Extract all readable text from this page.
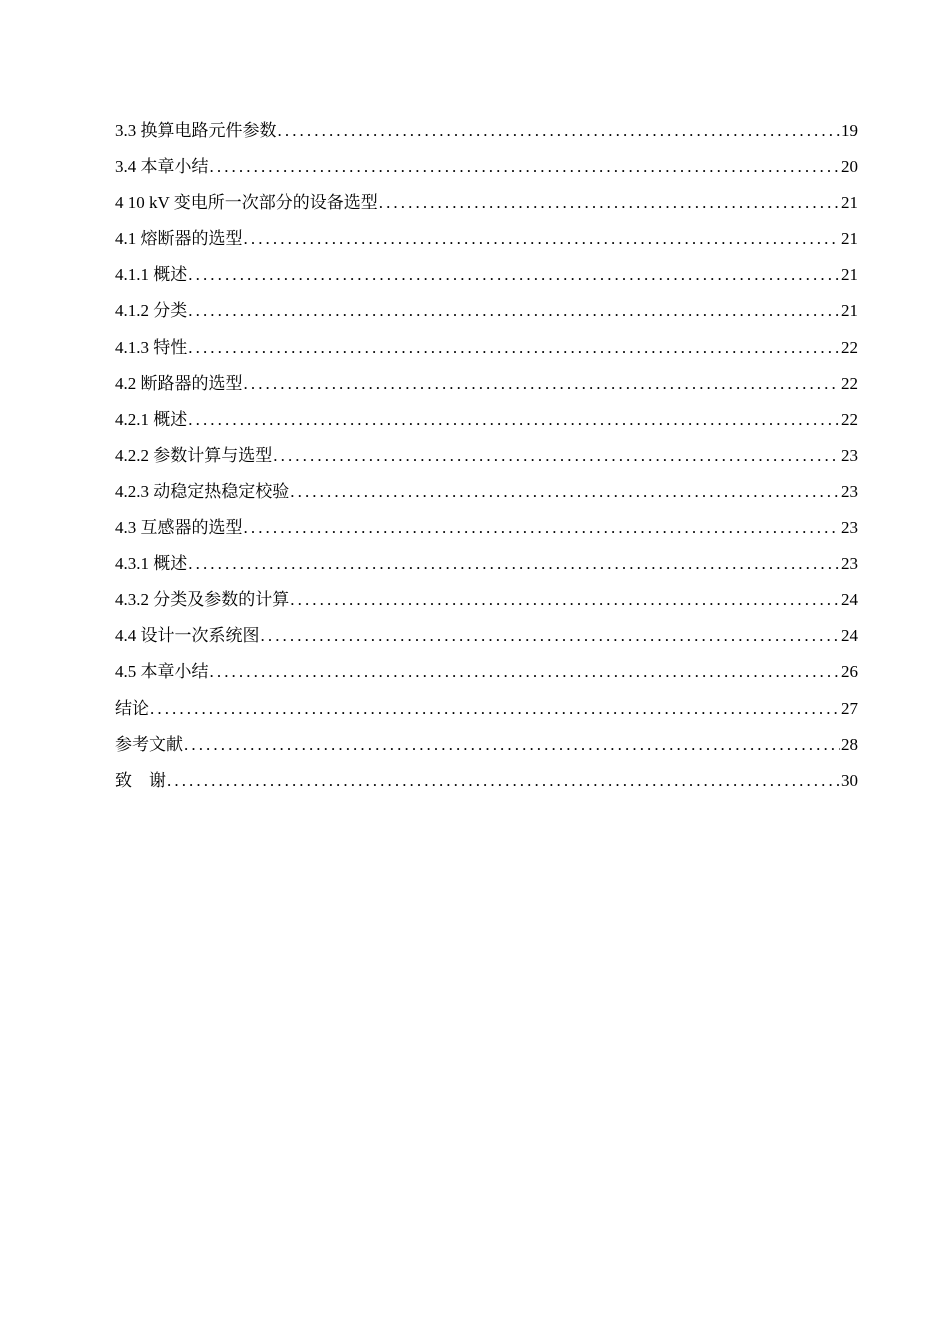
3.3 换算电路元件参数 .....	19
3.4 本章小结 .....	20
4 10 kV 变电所一次部分的设备选型 .....	21
4.1 熔断器的选型 .....	21
4.1.1 概述 .....	21
4.1.2 分类 .....	21
4.1.3 特性 .....	22
4.2 断路器的选型 .....	22
4.2.1 概述 .....	22
4.2.2 参数计算与选型 .....	23
4.2.3 动稳定热稳定校验 .....	23
4.3 互感器的选型 .....	23
4.3.1 概述 .....	23
4.3.2 分类及参数的计算 .....	24
4.4 设计一次系统图 .....	24
4.5 本章小结 .....	26
结论 .....	27
参考文献 .....	28
致　谢 .....	30
